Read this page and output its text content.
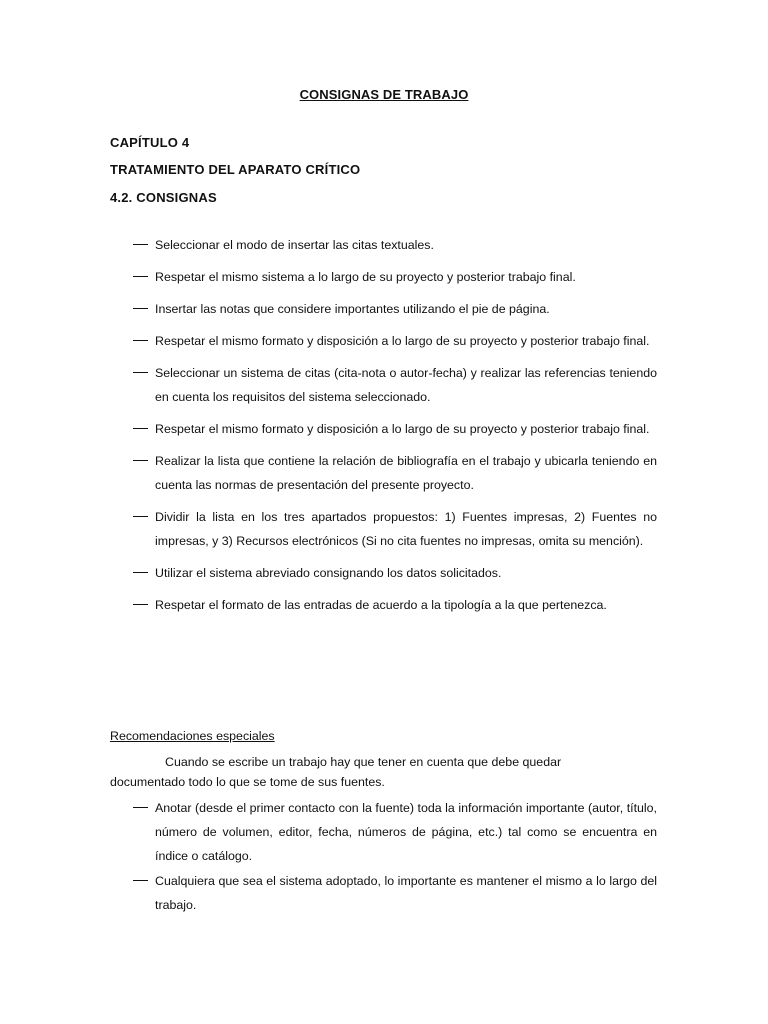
CONSIGNAS DE TRABAJO
CAPÍTULO 4
TRATAMIENTO DEL APARATO CRÍTICO
4.2. CONSIGNAS
Seleccionar el modo de insertar las citas textuales.
Respetar el mismo sistema a lo largo de su proyecto y posterior trabajo final.
Insertar las notas que considere importantes utilizando el pie de página.
Respetar el mismo formato y disposición a lo largo de su proyecto y posterior trabajo final.
Seleccionar un sistema de citas (cita-nota o autor-fecha) y realizar las referencias teniendo en cuenta los requisitos del sistema seleccionado.
Respetar el mismo formato y disposición a lo largo de su proyecto y posterior trabajo final.
Realizar la lista que contiene la relación de bibliografía en el trabajo y ubicarla teniendo en cuenta las normas de presentación del presente proyecto.
Dividir la lista en los tres apartados propuestos: 1) Fuentes impresas, 2) Fuentes no impresas, y 3) Recursos electrónicos (Si no cita fuentes no impresas, omita su mención).
Utilizar el sistema abreviado consignando los datos solicitados.
Respetar el formato de las entradas de acuerdo a la tipología a la que pertenezca.
Recomendaciones especiales

Cuando se escribe un trabajo hay que tener en cuenta que debe quedar documentado todo lo que se tome de sus fuentes.

Anotar (desde el primer contacto con la fuente) toda la información importante (autor, título, número de volumen, editor, fecha, números de página, etc.) tal como se encuentra en índice o catálogo.
Cualquiera que sea el sistema adoptado, lo importante es mantener el mismo a lo largo del trabajo.
